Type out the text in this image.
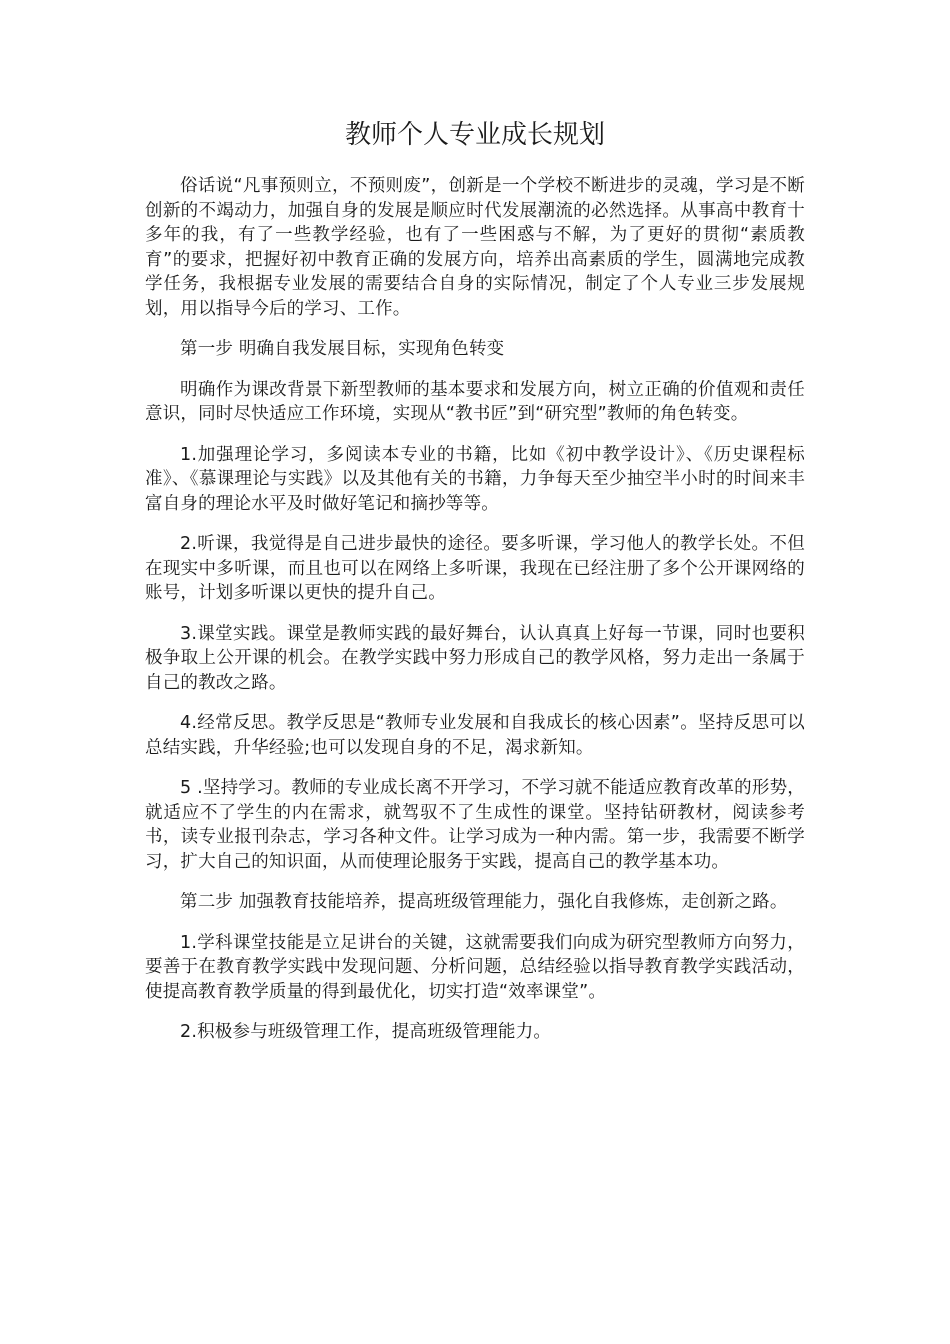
教师个人专业成长规划

俗话说“凡事预则立，不预则废”，创新是一个学校不断进步的灵魂，学习是不断创新的不竭动力，加强自身的发展是顺应时代发展潮流的必然选择。从事高中教育十多年的我，有了一些教学经验，也有了一些困惑与不解，为了更好的贯彻“素质教育”的要求，把握好初中教育正确的发展方向，培养出高素质的学生，圆满地完成教学任务，我根据专业发展的需要结合自身的实际情况，制定了个人专业三步发展规划，用以指导今后的学习、工作。

第一步 明确自我发展目标，实现角色转变

明确作为课改背景下新型教师的基本要求和发展方向，树立正确的价值观和责任意识，同时尽快适应工作环境，实现从“教书匠”到“研究型”教师的角色转变。

1.加强理论学习，多阅读本专业的书籍，比如《初中教学设计》、《历史课程标准》、《慕课理论与实践》以及其他有关的书籍，力争每天至少抽空半小时的时间来丰富自身的理论水平及时做好笔记和摘抄等等。

2.听课，我觉得是自己进步最快的途径。要多听课，学习他人的教学长处。不但在现实中多听课，而且也可以在网络上多听课，我现在已经注册了多个公开课网络的账号，计划多听课以更快的提升自己。

3.课堂实践。课堂是教师实践的最好舞台，认认真真上好每一节课，同时也要积极争取上公开课的机会。在教学实践中努力形成自己的教学风格，努力走出一条属于自己的教改之路。

4.经常反思。教学反思是“教师专业发展和自我成长的核心因素”。坚持反思可以总结实践，升华经验;也可以发现自身的不足，渴求新知。

5 .坚持学习。教师的专业成长离不开学习，不学习就不能适应教育改革的形势，就适应不了学生的内在需求，就驾驭不了生成性的课堂。坚持钻研教材，阅读参考书，读专业报刊杂志，学习各种文件。让学习成为一种内需。第一步，我需要不断学习，扩大自己的知识面，从而使理论服务于实践，提高自己的教学基本功。

第二步 加强教育技能培养，提高班级管理能力，强化自我修炼，走创新之路。

1.学科课堂技能是立足讲台的关键，这就需要我们向成为研究型教师方向努力，要善于在教育教学实践中发现问题、分析问题，总结经验以指导教育教学实践活动，使提高教育教学质量的得到最优化，切实打造“效率课堂”。

2.积极参与班级管理工作，提高班级管理能力。
